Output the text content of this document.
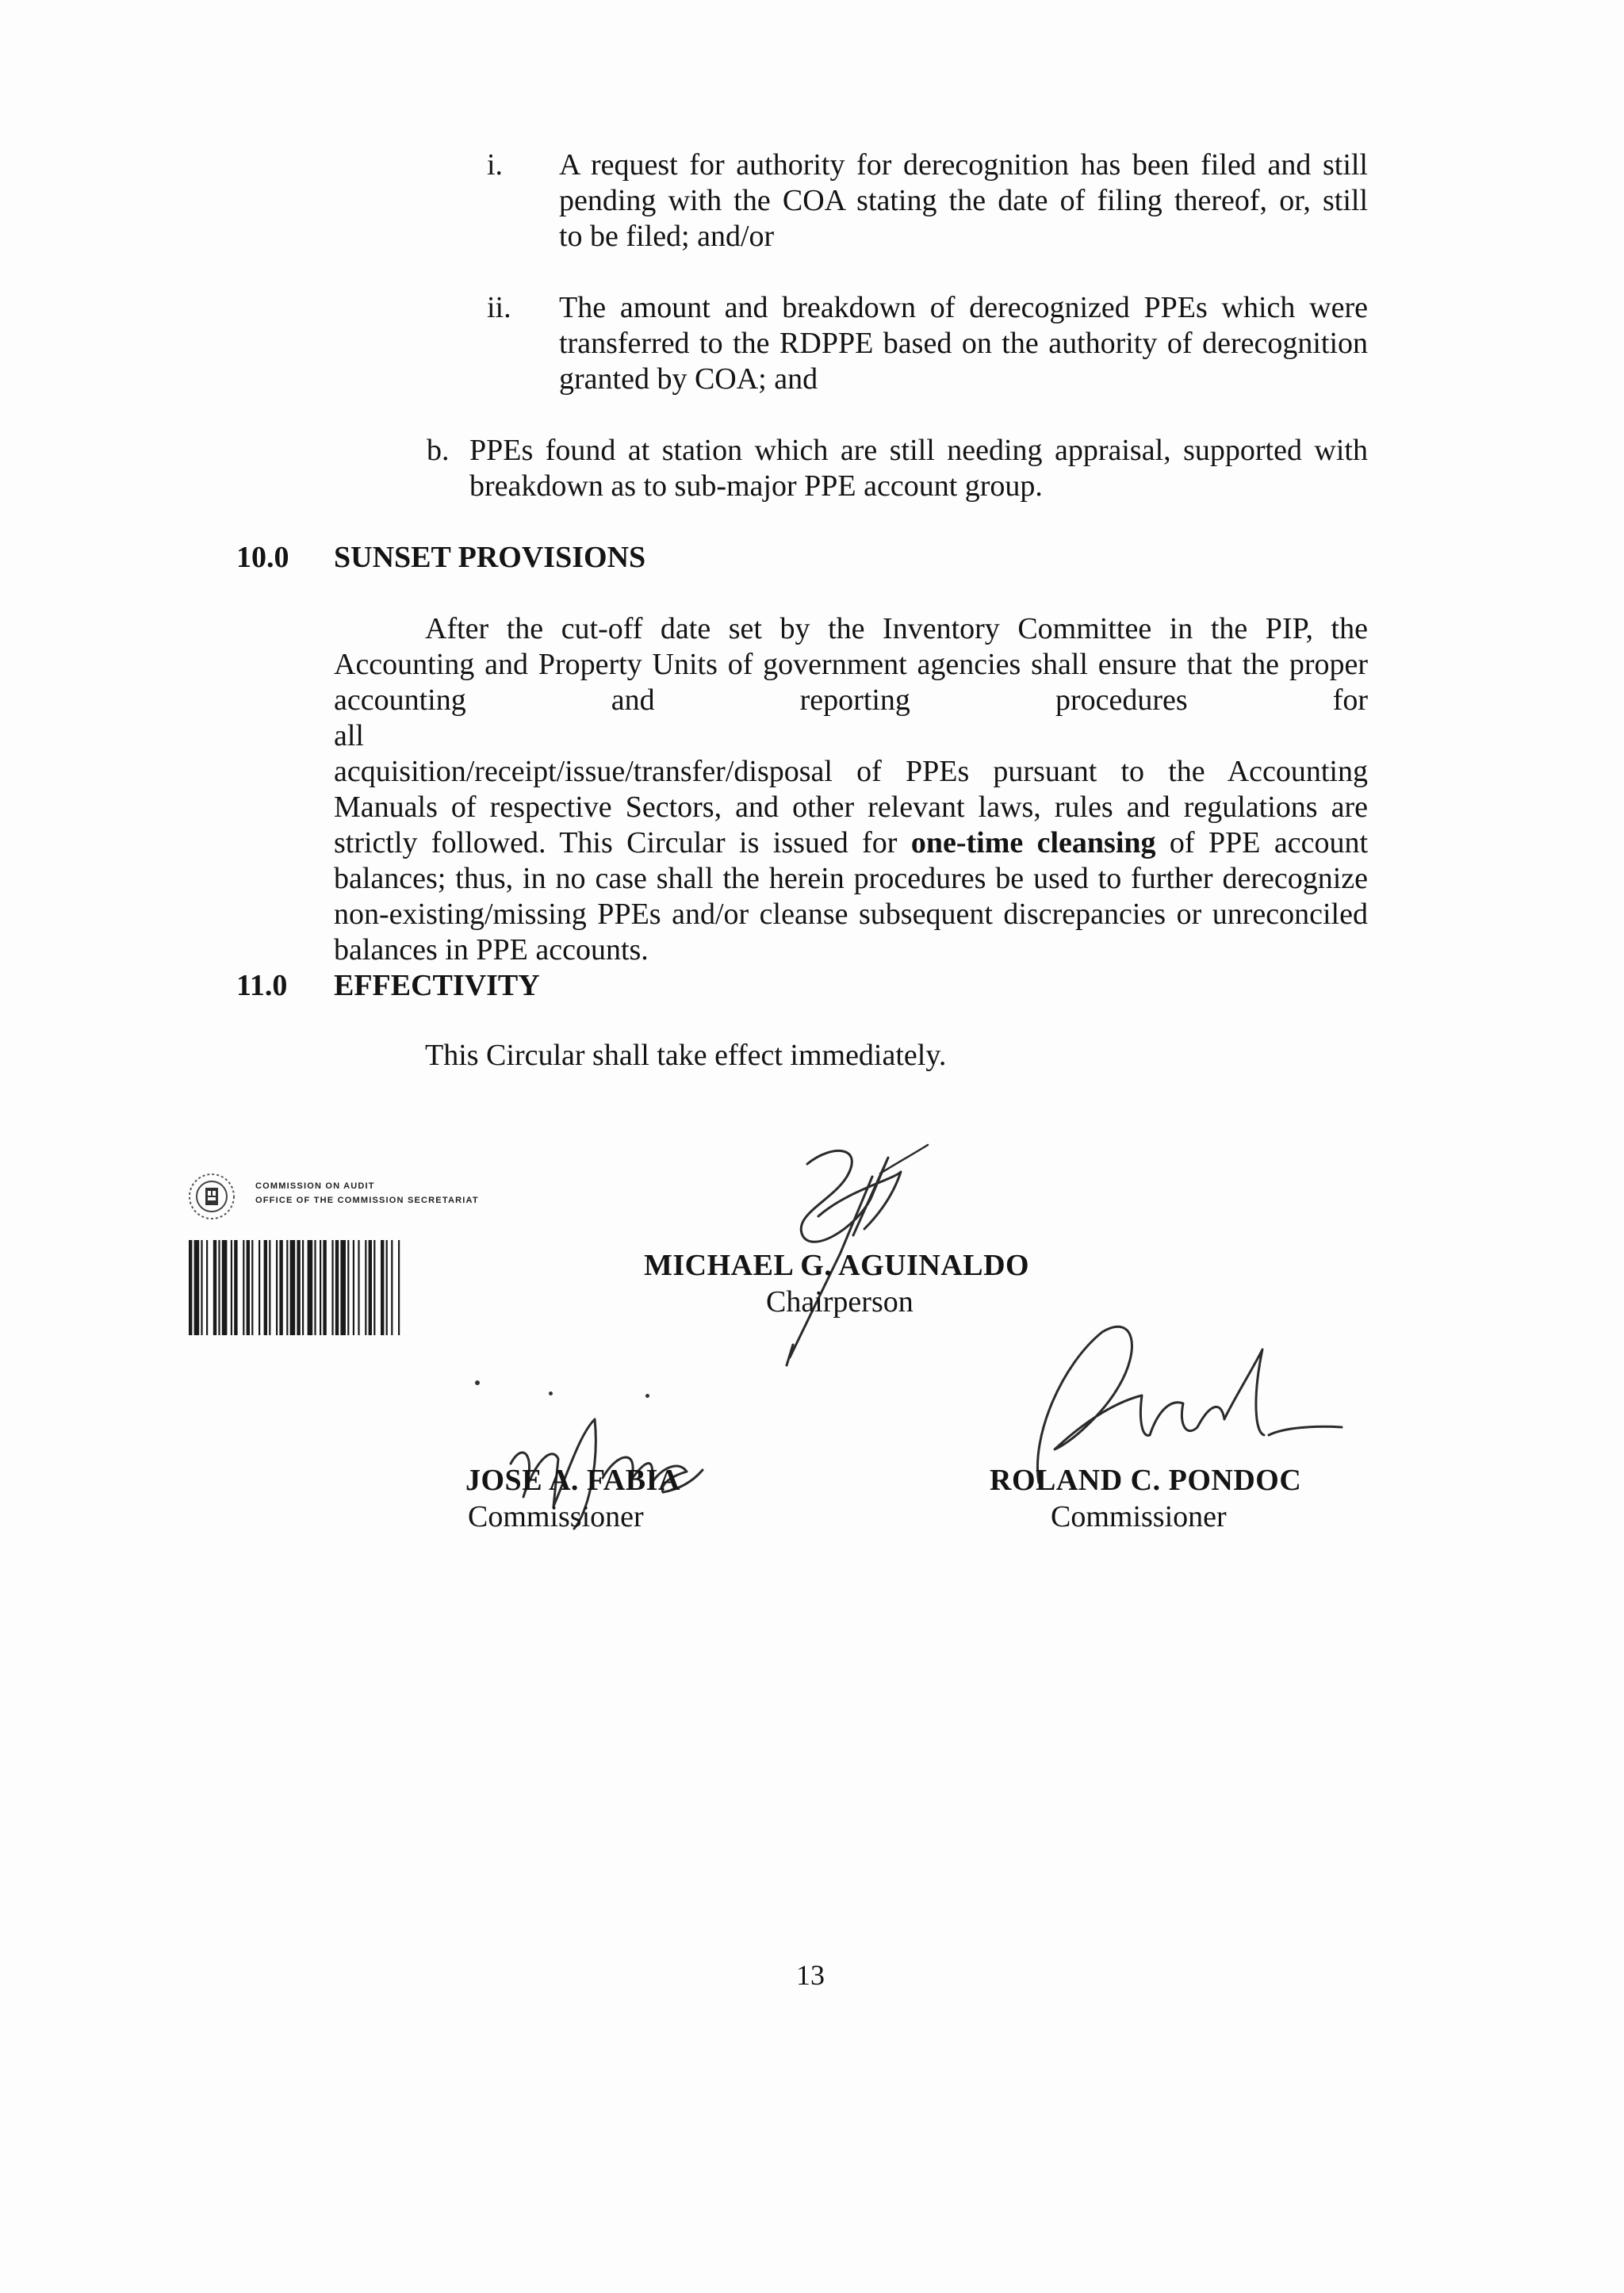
i. A request for authority for derecognition has been filed and still
pending with the COA stating the date of filing thereof, or, still
to be filed; and/or
ii. The amount and breakdown of derecognized PPEs which were
transferred to the RDPPE based on the authority of derecognition
granted by COA; and
b. PPEs found at station which are still needing appraisal, supported with
breakdown as to sub-major PPE account group.
10.0 SUNSET PROVISIONS
After the cut-off date set by the Inventory Committee in the PIP, the
Accounting and Property Units of government agencies shall ensure that the proper
accounting and reporting procedures for all
acquisition/receipt/issue/transfer/disposal of PPEs pursuant to the Accounting
Manuals of respective Sectors, and other relevant laws, rules and regulations are
strictly followed. This Circular is issued for one-time cleansing of PPE account
balances; thus, in no case shall the herein procedures be used to further derecognize
non-existing/missing PPEs and/or cleanse subsequent discrepancies or unreconciled
balances in PPE accounts.
11.0 EFFECTIVITY
This Circular shall take effect immediately.
COMMISSION ON AUDIT
OFFICE OF THE COMMISSION SECRETARIAT
MICHAEL G. AGUINALDO
Chairperson
JOSE A. FABIA
Commissioner
ROLAND C. PONDOC
Commissioner
13
